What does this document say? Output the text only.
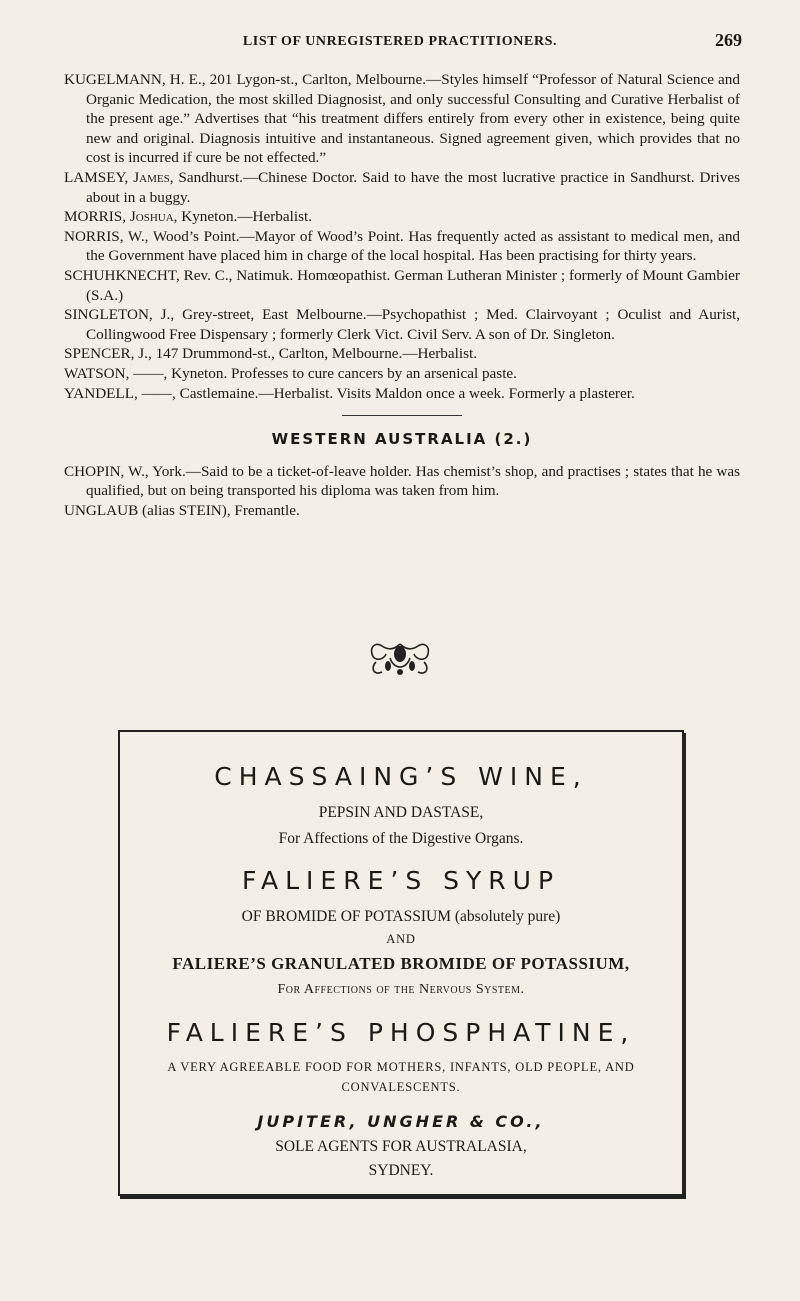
LIST OF UNREGISTERED PRACTITIONERS.	269

KUGELMANN, H. E., 201 Lygon-st., Carlton, Melbourne.—Styles himself “Professor of Natural Science and Organic Medication, the most skilled Diagnosist, and only successful Consulting and Curative Herbalist of the present age.” Advertises that “his treatment differs entirely from every other in existence, being quite new and original. Diagnosis intuitive and instantaneous. Signed agreement given, which provides that no cost is incurred if cure be not effected.”

LAMSEY, James, Sandhurst.—Chinese Doctor. Said to have the most lucrative practice in Sandhurst. Drives about in a buggy.

MORRIS, Joshua, Kyneton.—Herbalist.

NORRIS, W., Wood’s Point.—Mayor of Wood’s Point. Has frequently acted as assistant to medical men, and the Government have placed him in charge of the local hospital. Has been practising for thirty years.

SCHUHKNECHT, Rev. C., Natimuk. Homœopathist. German Lutheran Minister ; formerly of Mount Gambier (S.A.)

SINGLETON, J., Grey-street, East Melbourne.—Psychopathist ; Med. Clairvoyant ; Oculist and Aurist, Collingwood Free Dispensary ; formerly Clerk Vict. Civil Serv. A son of Dr. Singleton.

SPENCER, J., 147 Drummond-st., Carlton, Melbourne.—Herbalist.

WATSON, ——, Kyneton. Professes to cure cancers by an arsenical paste.

YANDELL, ——, Castlemaine.—Herbalist. Visits Maldon once a week. Formerly a plasterer.

WESTERN AUSTRALIA (2.)

CHOPIN, W., York.—Said to be a ticket-of-leave holder. Has chemist’s shop, and practises ; states that he was qualified, but on being transported his diploma was taken from him.

UNGLAUB (alias STEIN), Fremantle.

CHASSAING’S WINE,
PEPSIN AND DASTASE,
For Affections of the Digestive Organs.
FALIERE’S SYRUP
OF BROMIDE OF POTASSIUM (absolutely pure)
AND
FALIERE’S GRANULATED BROMIDE OF POTASSIUM,
For Affections of the Nervous System.
FALIERE’S PHOSPHATINE,
A VERY AGREEABLE FOOD FOR MOTHERS, INFANTS, OLD PEOPLE, AND
CONVALESCENTS.
JUPITER, UNGHER & CO.,
SOLE AGENTS FOR AUSTRALASIA,
SYDNEY.
